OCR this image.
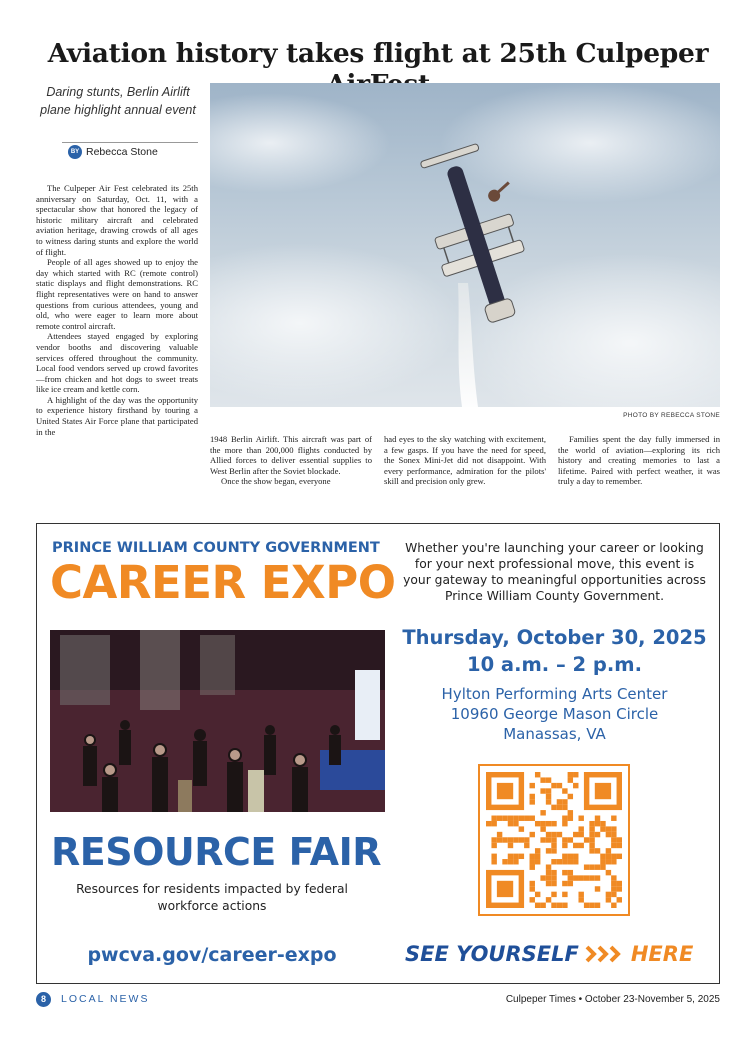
Aviation history takes flight at 25th Culpeper
Daring stunts, Berlin Airlift plane highlight annual event
BY Rebecca Stone
PHOTO BY REBECCA STONE

The Culpeper Air Fest celebrated its 25th anniversary on Saturday, Oct. 11, with a spectacular show that honored the legacy of historic military aircraft and celebrated aviation heritage, drawing crowds of all ages to witness daring stunts and explore the world of flight.

People of all ages showed up to enjoy the day which started with RC (remote control) static displays and flight demonstrations. RC flight representatives were on hand to answer questions from curious attendees, young and old, who were eager to learn more about remote control aircraft.

Attendees stayed engaged by exploring vendor booths and discovering valuable services offered throughout the community. Local food vendors served up crowd favorites—from chicken and hot dogs to sweet treats like ice cream and kettle corn.

A highlight of the day was the opportunity to experience history firsthand by touring a United States Air Force plane that participated in the

1948 Berlin Airlift. This aircraft was part of the more than 200,000 flights conducted by Allied forces to deliver essential supplies to West Berlin after the Soviet blockade.

Once the show began, everyone

had eyes to the sky watching with excitement, a few gasps. If you have the need for speed, the Sonex Mini-Jet did not disappoint. With every performance, admiration for the pilots' skill and precision only grew.

Families spent the day fully immersed in the world of aviation—exploring its rich history and creating memories to last a lifetime. Paired with perfect weather, it was truly a day to remember.

PRINCE WILLIAM COUNTY GOVERNMENT
CAREER EXPO
Whether you're launching your career or looking for your next professional move, this event is your gateway to meaningful opportunities across Prince William County Government.
Thursday, October 30, 2025
10 a.m. – 2 p.m.
Hylton Performing Arts Center
10960 George Mason Circle
Manassas, VA
RESOURCE FAIR
Resources for residents impacted by federal workforce actions
pwcva.gov/career-expo	SEE YOURSELF HERE
8	LOCAL NEWS	Culpeper Times • October 23-November 5, 2025
